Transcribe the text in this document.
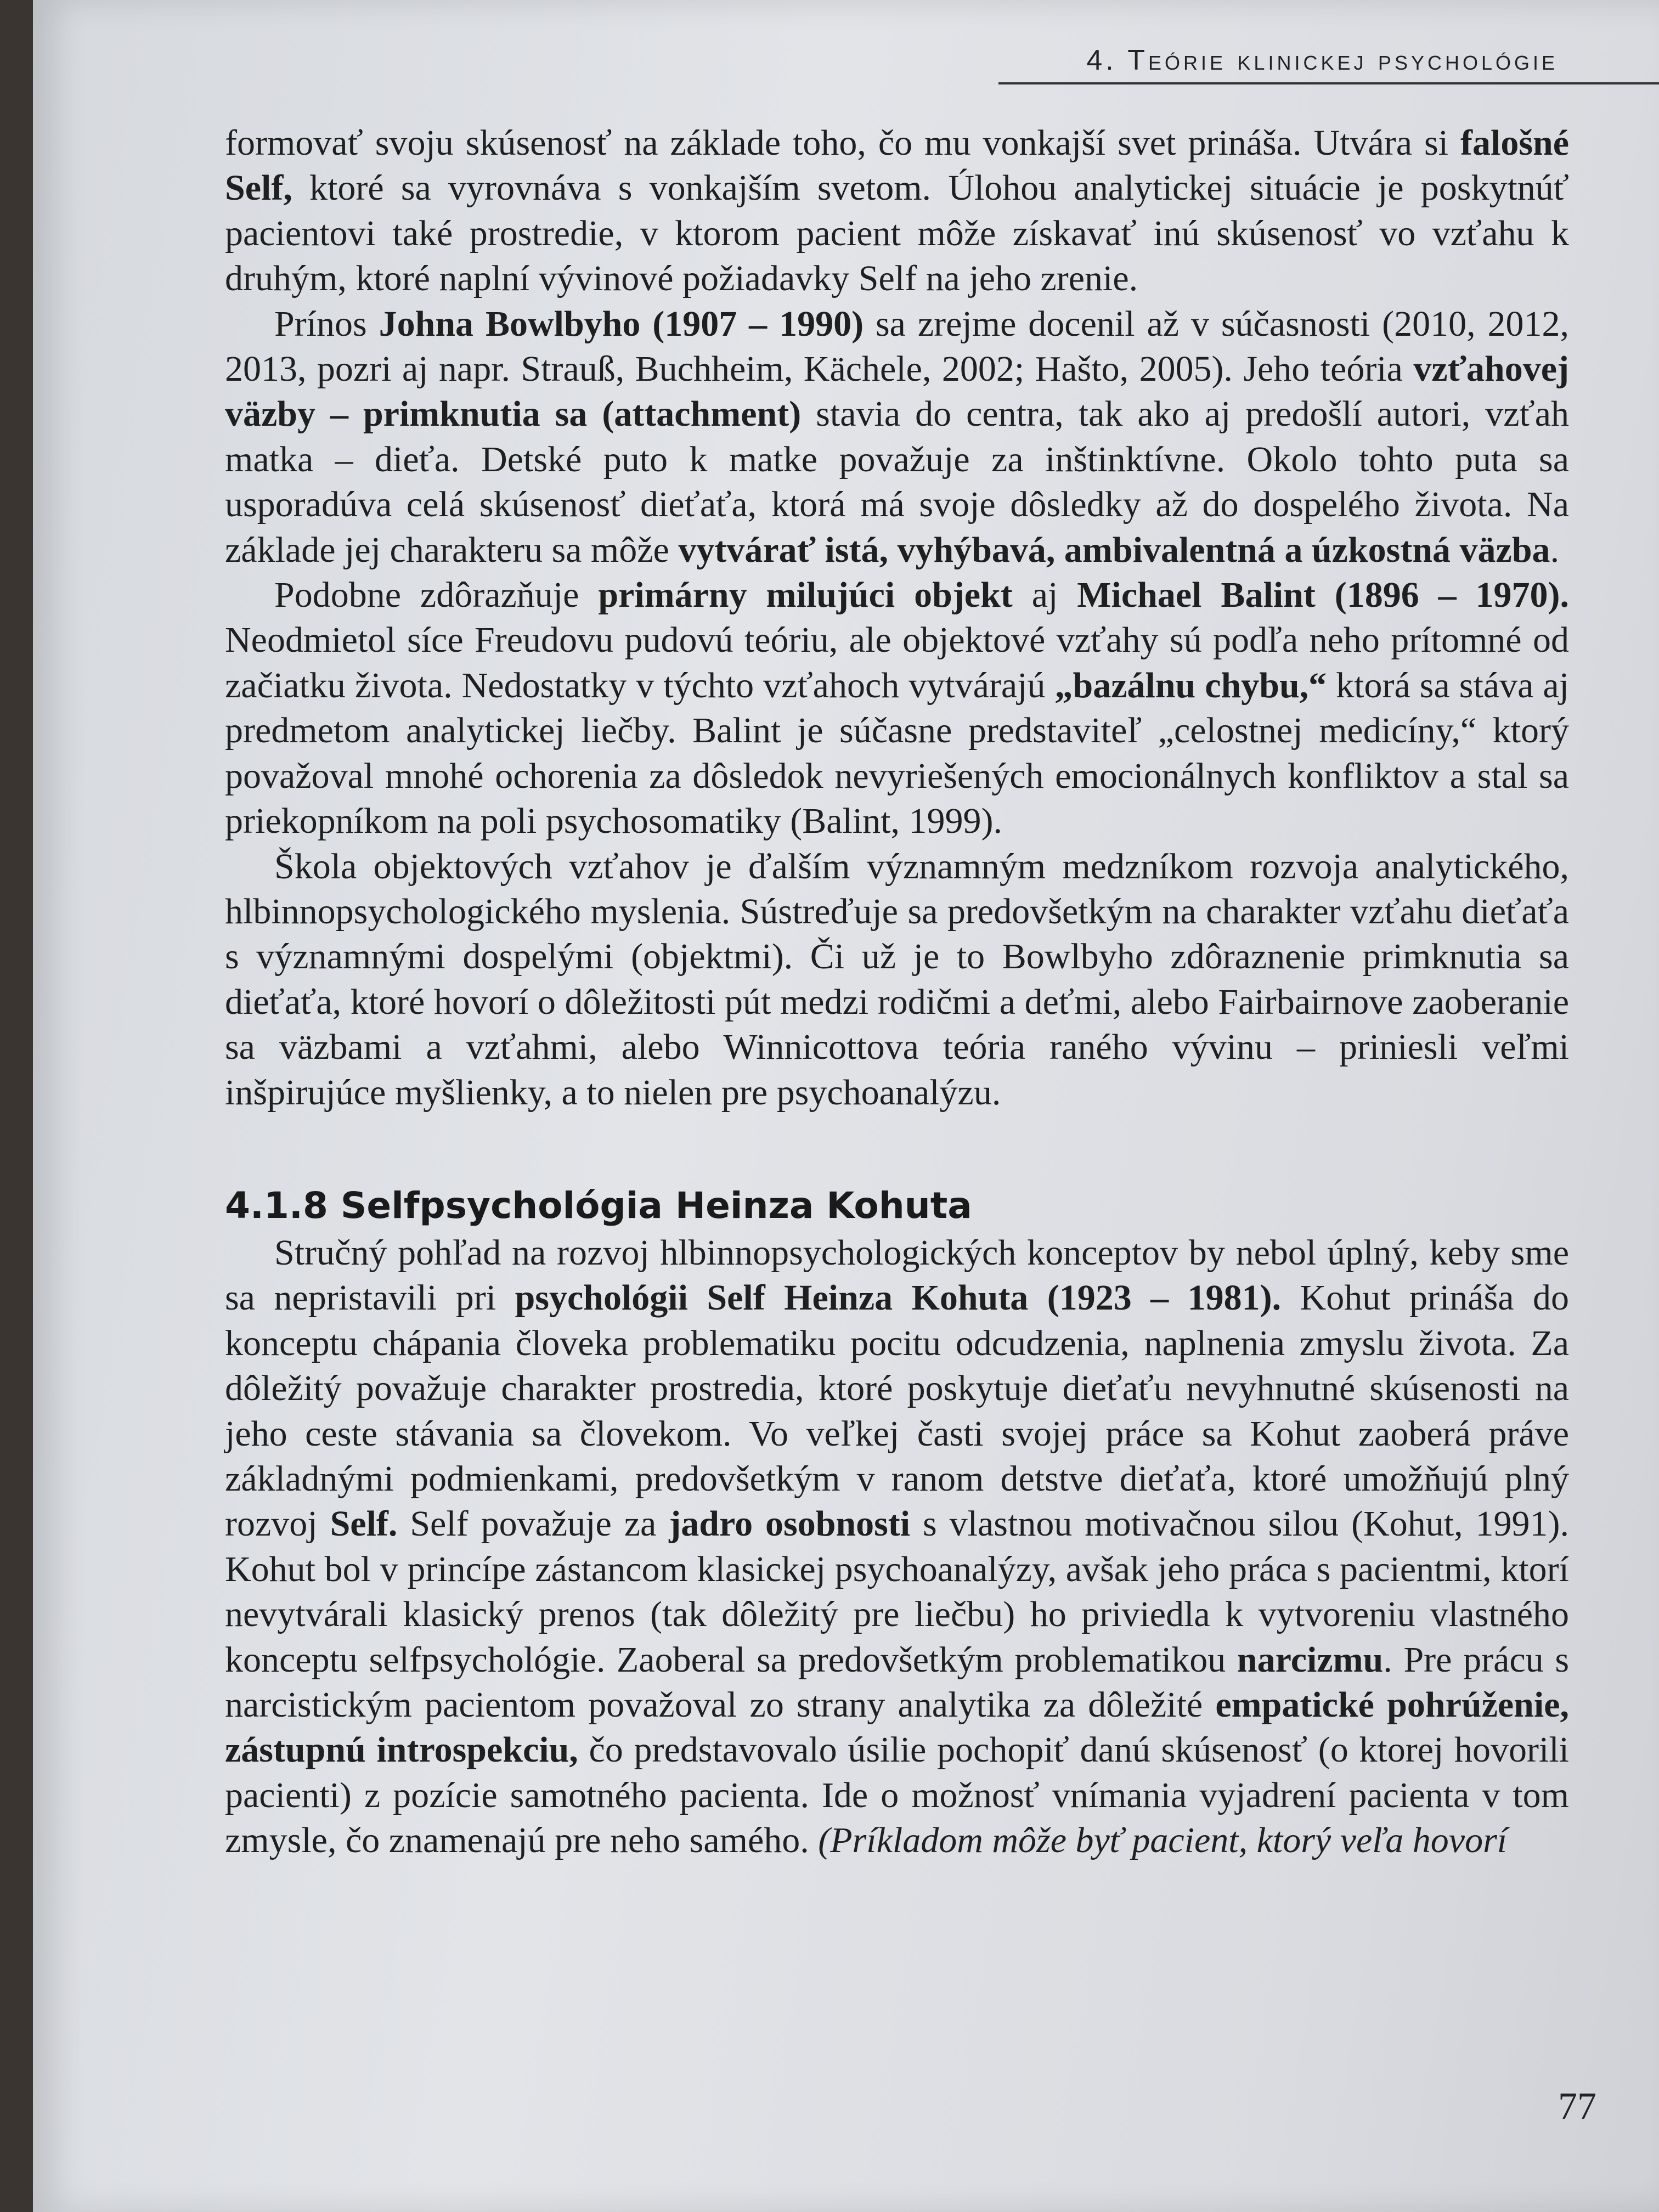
4. Teórie klinickej psychológie

formovať svoju skúsenosť na základe toho, čo mu vonkajší svet prináša. Utvára si falošné Self, ktoré sa vyrovnáva s vonkajším svetom. Úlohou analytickej situácie je poskytnúť pacientovi také prostredie, v ktorom pacient môže získavať inú skúsenosť vo vzťahu k druhým, ktoré naplní vývinové požiadavky Self na jeho zrenie.

Prínos Johna Bowlbyho (1907 – 1990) sa zrejme docenil až v súčasnosti (2010, 2012, 2013, pozri aj napr. Strauß, Buchheim, Kächele, 2002; Hašto, 2005). Jeho teória vzťahovej väzby – primknutia sa (attachment) stavia do centra, tak ako aj predošlí autori, vzťah matka – dieťa. Detské puto k matke považuje za inštinktívne. Okolo tohto puta sa usporadúva celá skúsenosť dieťaťa, ktorá má svoje dôsledky až do dospelého života. Na základe jej charakteru sa môže vytvárať istá, vyhýbavá, ambivalentná a úzkostná väzba.

Podobne zdôrazňuje primárny milujúci objekt aj Michael Balint (1896 – 1970). Neodmietol síce Freudovu pudovú teóriu, ale objektové vzťahy sú podľa neho prítomné od začiatku života. Nedostatky v týchto vzťahoch vytvárajú „bazálnu chybu,“ ktorá sa stáva aj predmetom analytickej liečby. Balint je súčasne predstaviteľ „celostnej medicíny,“ ktorý považoval mnohé ochorenia za dôsledok nevyriešených emocionálnych konfliktov a stal sa priekopníkom na poli psychosomatiky (Balint, 1999).

Škola objektových vzťahov je ďalším významným medzníkom rozvoja analytického, hlbinnopsychologického myslenia. Sústreďuje sa predovšetkým na charakter vzťahu dieťaťa s významnými dospelými (objektmi). Či už je to Bowlbyho zdôraznenie primknutia sa dieťaťa, ktoré hovorí o dôležitosti pút medzi rodičmi a deťmi, alebo Fairbairnove zaoberanie sa väzbami a vzťahmi, alebo Winnicottova teória raného vývinu – priniesli veľmi inšpirujúce myšlienky, a to nielen pre psychoanalýzu.

4.1.8 Selfpsychológia Heinza Kohuta

Stručný pohľad na rozvoj hlbinnopsychologických konceptov by nebol úplný, keby sme sa nepristavili pri psychológii Self Heinza Kohuta (1923 – 1981). Kohut prináša do konceptu chápania človeka problematiku pocitu odcudzenia, naplnenia zmyslu života. Za dôležitý považuje charakter prostredia, ktoré poskytuje dieťaťu nevyhnutné skúsenosti na jeho ceste stávania sa človekom. Vo veľkej časti svojej práce sa Kohut zaoberá práve základnými podmienkami, predovšetkým v ranom detstve dieťaťa, ktoré umožňujú plný rozvoj Self. Self považuje za jadro osobnosti s vlastnou motivačnou silou (Kohut, 1991). Kohut bol v princípe zástancom klasickej psychoanalýzy, avšak jeho práca s pacientmi, ktorí nevytvárali klasický prenos (tak dôležitý pre liečbu) ho priviedla k vytvoreniu vlastného konceptu selfpsychológie. Zaoberal sa predovšetkým problematikou narcizmu. Pre prácu s narcistickým pacientom považoval zo strany analytika za dôležité empatické pohrúženie, zástupnú introspekciu, čo predstavovalo úsilie pochopiť danú skúsenosť (o ktorej hovorili pacienti) z pozície samotného pacienta. Ide o možnosť vnímania vyjadrení pacienta v tom zmysle, čo znamenajú pre neho samého. (Príkladom môže byť pacient, ktorý veľa hovorí

77
